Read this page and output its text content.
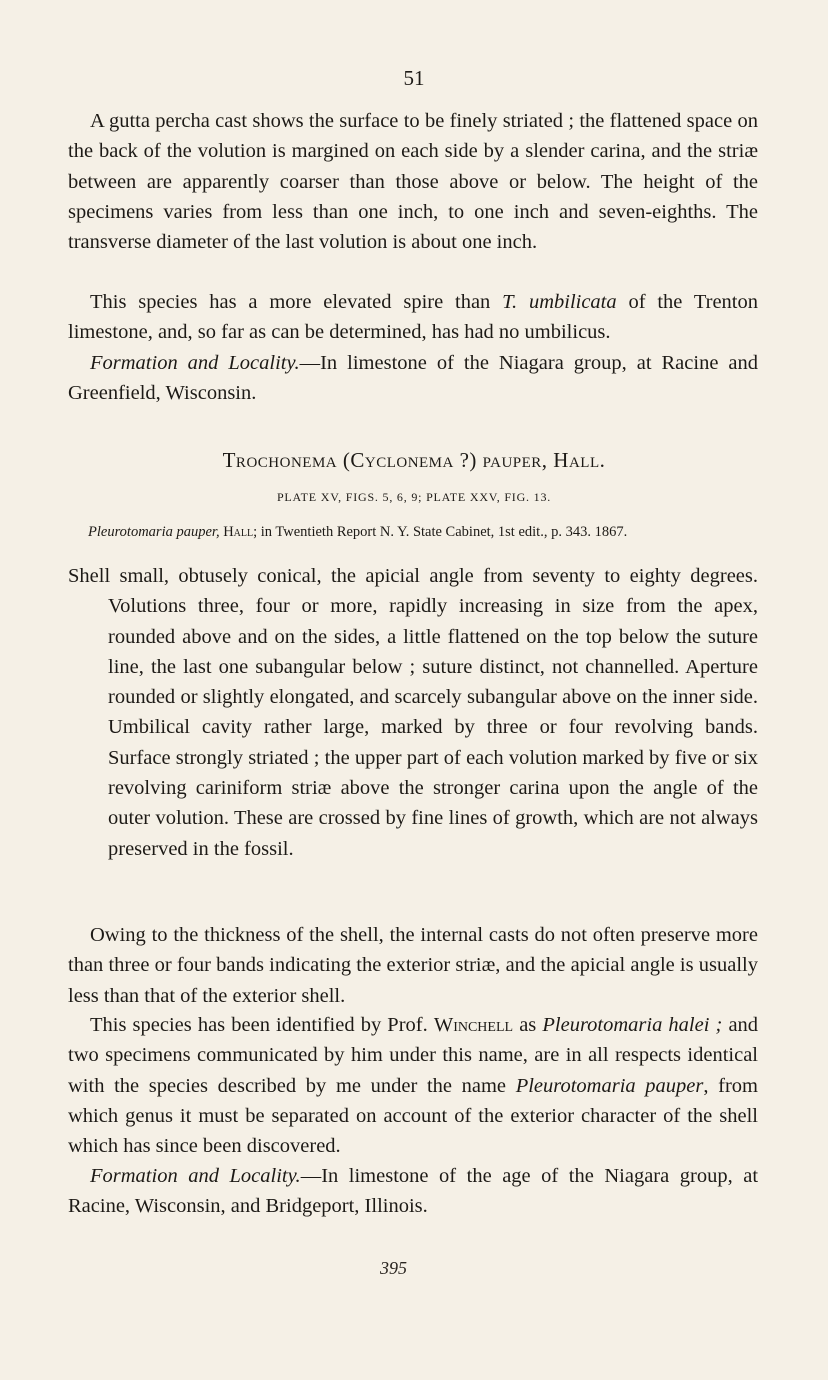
51
A gutta percha cast shows the surface to be finely striated ; the flattened space on the back of the volution is margined on each side by a slender carina, and the striæ between are apparently coarser than those above or below. The height of the specimens varies from less than one inch, to one inch and seven-eighths. The transverse diameter of the last volution is about one inch.
This species has a more elevated spire than T. umbilicata of the Trenton limestone, and, so far as can be determined, has had no umbilicus.
Formation and Locality.—In limestone of the Niagara group, at Racine and Greenfield, Wisconsin.
Trochonema (Cyclonema ?) pauper, Hall.
PLATE XV, FIGS. 5, 6, 9; PLATE XXV, FIG. 13.
Pleurotomaria pauper, Hall; in Twentieth Report N. Y. State Cabinet, 1st edit., p. 343. 1867.
Shell small, obtusely conical, the apicial angle from seventy to eighty degrees. Volutions three, four or more, rapidly increasing in size from the apex, rounded above and on the sides, a little flattened on the top below the suture line, the last one subangular below ; suture distinct, not channelled. Aperture rounded or slightly elongated, and scarcely subangular above on the inner side. Umbilical cavity rather large, marked by three or four revolving bands. Surface strongly striated ; the upper part of each volution marked by five or six revolving cariniform striæ above the stronger carina upon the angle of the outer volution. These are crossed by fine lines of growth, which are not always preserved in the fossil.
Owing to the thickness of the shell, the internal casts do not often preserve more than three or four bands indicating the exterior striæ, and the apicial angle is usually less than that of the exterior shell.
This species has been identified by Prof. Winchell as Pleurotomaria halei ; and two specimens communicated by him under this name, are in all respects identical with the species described by me under the name Pleurotomaria pauper, from which genus it must be separated on account of the exterior character of the shell which has since been discovered.
Formation and Locality.—In limestone of the age of the Niagara group, at Racine, Wisconsin, and Bridgeport, Illinois.
395
